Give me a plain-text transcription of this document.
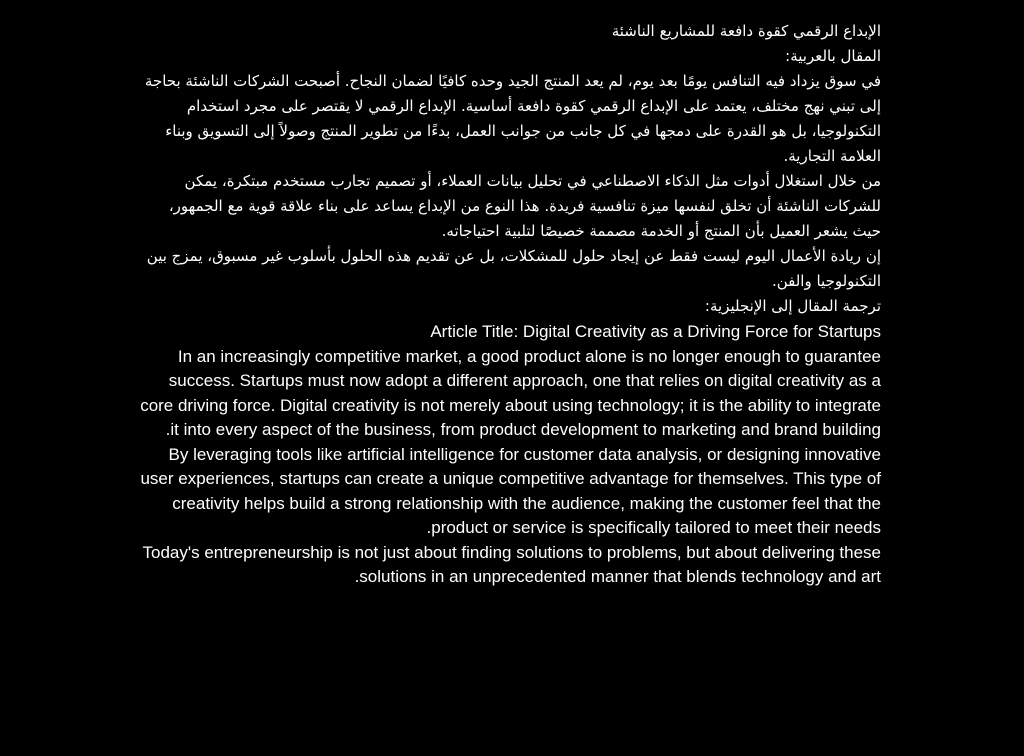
الإبداع الرقمي كقوة دافعة للمشاريع الناشئة

المقال بالعربية:

في سوق يزداد فيه التنافس يومًا بعد يوم، لم يعد المنتج الجيد وحده كافيًا لضمان النجاح. أصبحت الشركات الناشئة بحاجة إلى تبني نهج مختلف، يعتمد على الإبداع الرقمي كقوة دافعة أساسية. الإبداع الرقمي لا يقتصر على مجرد استخدام التكنولوجيا، بل هو القدرة على دمجها في كل جانب من جوانب العمل، بدءًا من تطوير المنتج وصولاً إلى التسويق وبناء العلامة التجارية.

من خلال استغلال أدوات مثل الذكاء الاصطناعي في تحليل بيانات العملاء، أو تصميم تجارب مستخدم مبتكرة، يمكن للشركات الناشئة أن تخلق لنفسها ميزة تنافسية فريدة. هذا النوع من الإبداع يساعد على بناء علاقة قوية مع الجمهور، حيث يشعر العميل بأن المنتج أو الخدمة مصممة خصيصًا لتلبية احتياجاته.

إن ريادة الأعمال اليوم ليست فقط عن إيجاد حلول للمشكلات، بل عن تقديم هذه الحلول بأسلوب غير مسبوق، يمزج بين التكنولوجيا والفن.

ترجمة المقال إلى الإنجليزية:

Article Title: Digital Creativity as a Driving Force for Startups

In an increasingly competitive market, a good product alone is no longer enough to guarantee success. Startups must now adopt a different approach, one that relies on digital creativity as a core driving force. Digital creativity is not merely about using technology; it is the ability to integrate it into every aspect of the business, from product development to marketing and brand building.

By leveraging tools like artificial intelligence for customer data analysis, or designing innovative user experiences, startups can create a unique competitive advantage for themselves. This type of creativity helps build a strong relationship with the audience, making the customer feel that the product or service is specifically tailored to meet their needs.

Today's entrepreneurship is not just about finding solutions to problems, but about delivering these solutions in an unprecedented manner that blends technology and art.
